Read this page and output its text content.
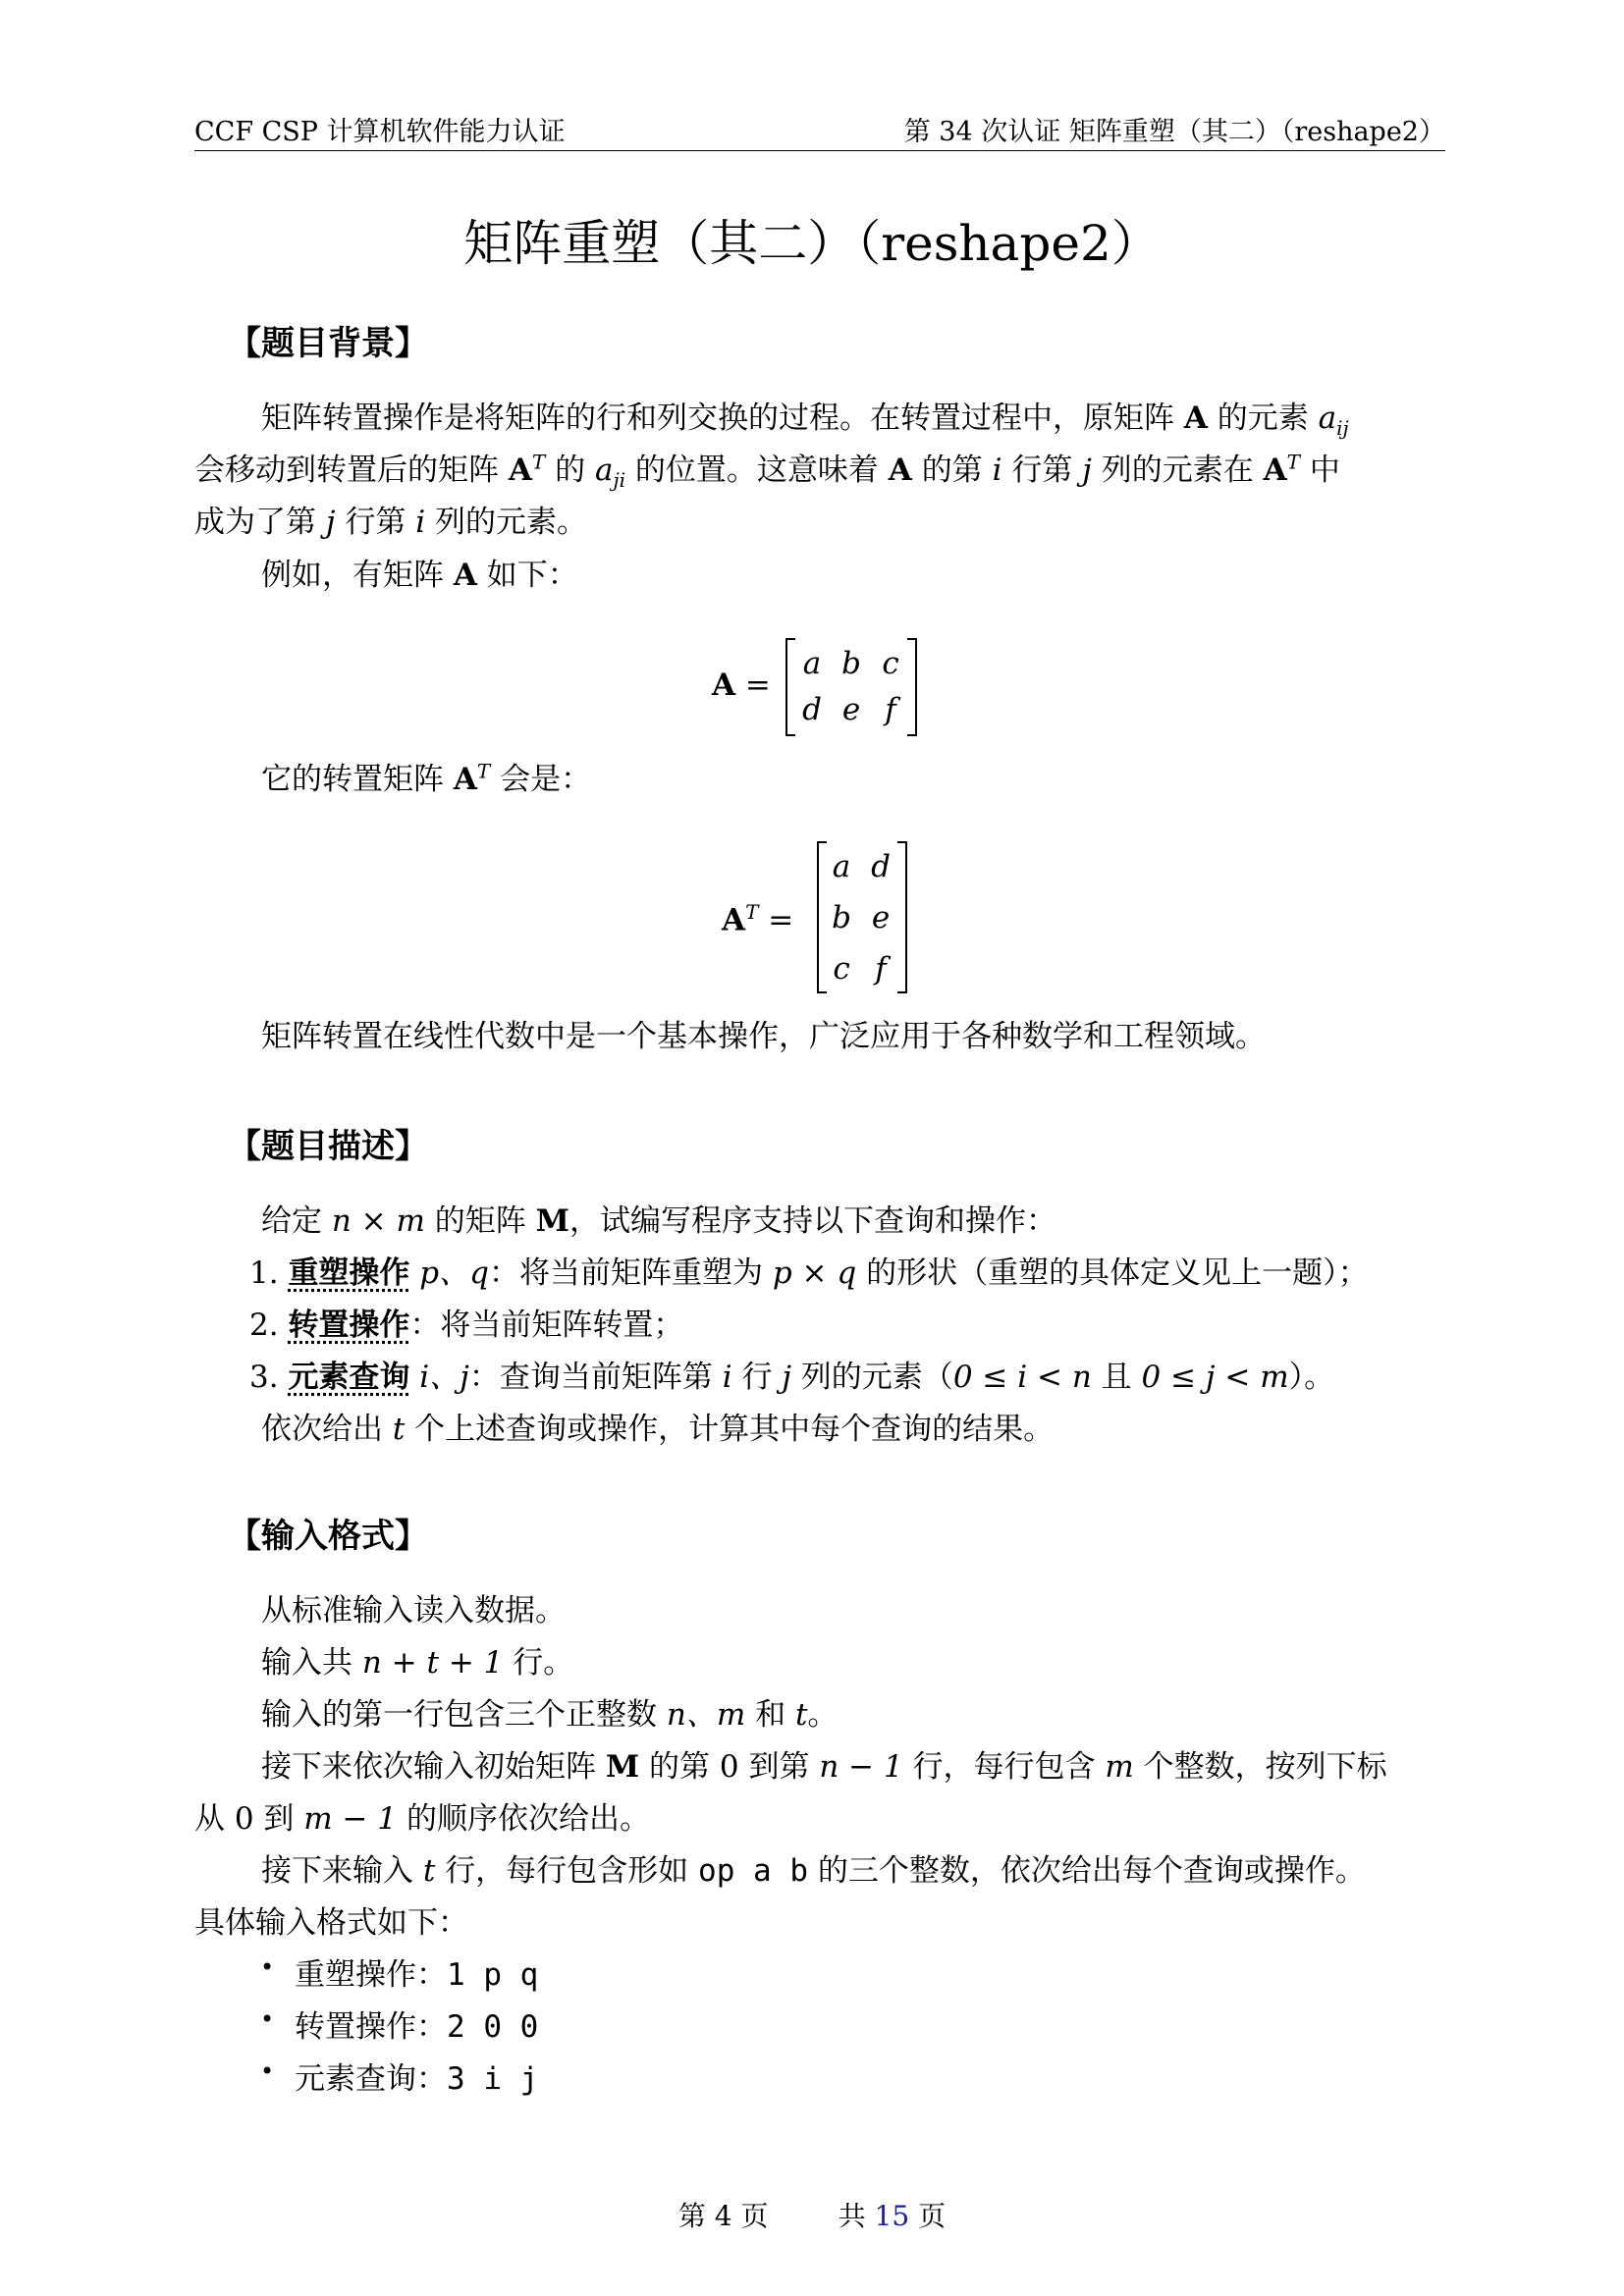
CCF CSP 计算机软件能力认证	第 34 次认证 矩阵重塑（其二）（reshape2）
矩阵重塑（其二）（reshape2）
【题目背景】
矩阵转置操作是将矩阵的行和列交换的过程。在转置过程中，原矩阵 A 的元素 $a_{ij}$
会移动到转置后的矩阵 $A^T$ 的 $a_{ji}$ 的位置。这意味着 A 的第 i 行第 j 列的元素在 $A^T$ 中
成为了第 j 行第 i 列的元素。
例如，有矩阵 A 如下：
A =
a b c
d e f
它的转置矩阵 $A^T$ 会是：
$A^T$ =
a d
b e
c f
矩阵转置在线性代数中是一个基本操作，广泛应用于各种数学和工程领域。
【题目描述】
给定 n × m 的矩阵 M，试编写程序支持以下查询和操作：
1. 重塑操作 p、q：将当前矩阵重塑为 p × q 的形状（重塑的具体定义见上一题）；
2. 转置操作：将当前矩阵转置；
3. 元素查询 i、j：查询当前矩阵第 i 行 j 列的元素（0 ≤ i < n 且 0 ≤ j < m）。
依次给出 t 个上述查询或操作，计算其中每个查询的结果。
【输入格式】
从标准输入读入数据。
输入共 n + t + 1 行。
输入的第一行包含三个正整数 n、m 和 t。
接下来依次输入初始矩阵 M 的第 0 到第 n − 1 行，每行包含 m 个整数，按列下标
从 0 到 m − 1 的顺序依次给出。
接下来输入 t 行，每行包含形如 op a b 的三个整数，依次给出每个查询或操作。
具体输入格式如下：
• 重塑操作：1 p q
• 转置操作：2 0 0
• 元素查询：3 i j
第 4 页	共 15 页
